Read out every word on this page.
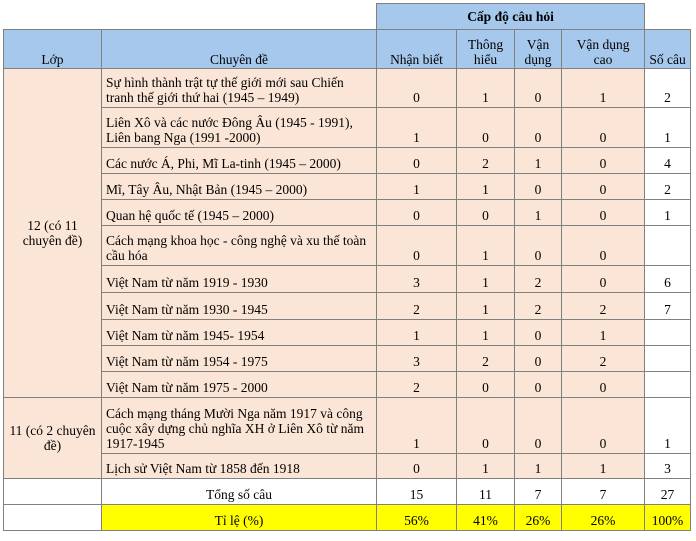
		Cấp độ câu hỏi				
Lớp	Chuyên đề	Nhận biết	Thông hiểu	Vận dụng	Vận dụng cao	Số câu
12 (có 11 chuyên đề)	Sự hình thành trật tự thế giới mới sau Chiến tranh thế giới thứ hai (1945 – 1949)	0	1	0	1	2
	Liên Xô và các nước Đông Âu (1945 - 1991), Liên bang Nga (1991 -2000)	1	0	0	0	1
	Các nước Á, Phi, Mĩ La-tinh (1945 – 2000)	0	2	1	0	4
	Mĩ, Tây Âu, Nhật Bản (1945 – 2000)	1	1	0	0	2
	Quan hệ quốc tế (1945 – 2000)	0	0	1	0	1
	Cách mạng khoa học - công nghệ và xu thế toàn cầu hóa	0	1	0	0	
	Việt Nam từ năm 1919 - 1930	3	1	2	0	6
	Việt Nam từ năm 1930 - 1945	2	1	2	2	7
	Việt Nam từ năm 1945- 1954	1	1	0	1	
	Việt Nam từ năm 1954 - 1975	3	2	0	2	
	Việt Nam từ năm 1975 - 2000	2	0	0	0	
11 (có 2 chuyên đề)	Cách mạng tháng Mười Nga năm 1917 và công cuộc xây dựng chủ nghĩa XH ở Liên Xô từ năm 1917-1945	1	0	0	0	1
	Lịch sử Việt Nam từ 1858 đến 1918	0	1	1	1	3
	Tổng số câu	15	11	7	7	27
	Tỉ lệ (%)	56%	41%	26%	26%	100%
